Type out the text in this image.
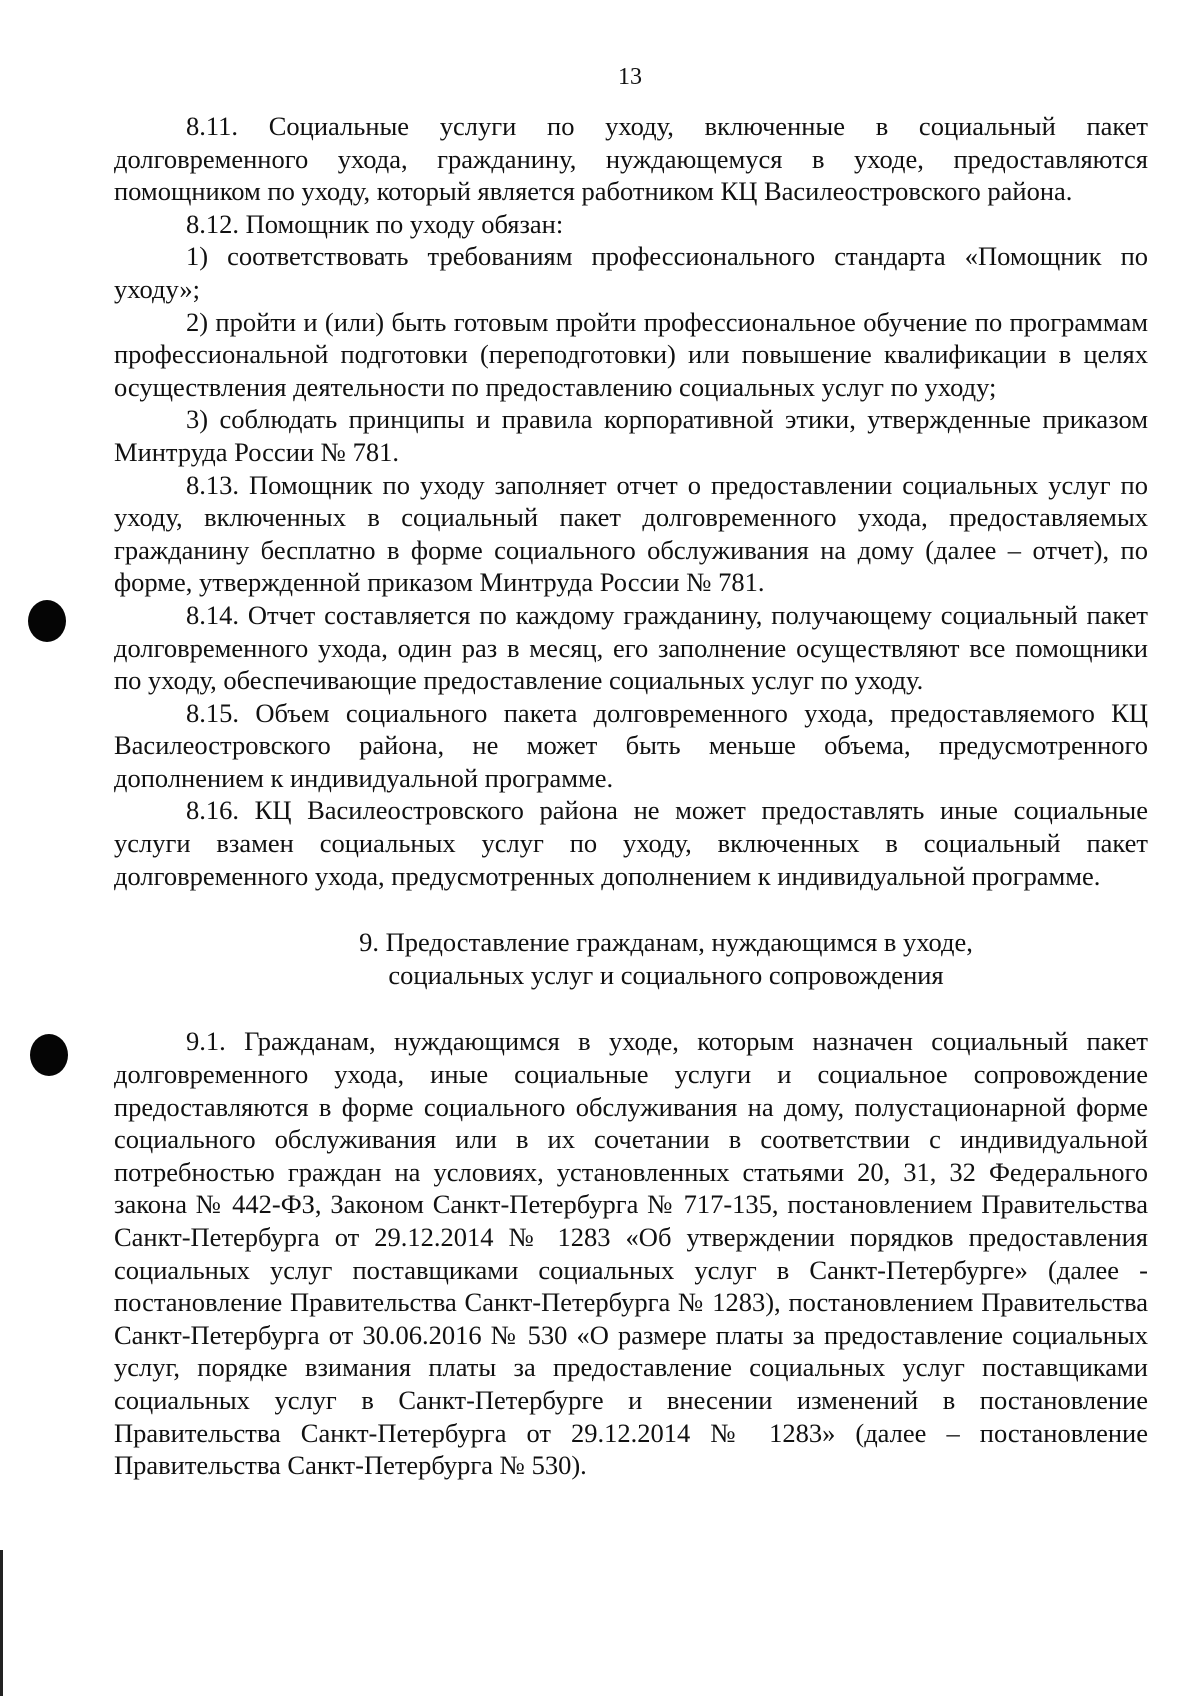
13

8.11. Социальные услуги по уходу, включенные в социальный пакет долговременного ухода, гражданину, нуждающемуся в уходе, предоставляются помощником по уходу, который является работником КЦ Василеостровского района.

8.12. Помощник по уходу обязан:

1) соответствовать требованиям профессионального стандарта «Помощник по уходу»;

2) пройти и (или) быть готовым пройти профессиональное обучение по программам профессиональной подготовки (переподготовки) или повышение квалификации в целях осуществления деятельности по предоставлению социальных услуг по уходу;

3) соблюдать принципы и правила корпоративной этики, утвержденные приказом Минтруда России № 781.

8.13. Помощник по уходу заполняет отчет о предоставлении социальных услуг по уходу, включенных в социальный пакет долговременного ухода, предоставляемых гражданину бесплатно в форме социального обслуживания на дому (далее – отчет), по форме, утвержденной приказом Минтруда России № 781.

8.14. Отчет составляется по каждому гражданину, получающему социальный пакет долговременного ухода, один раз в месяц, его заполнение осуществляют все помощники по уходу, обеспечивающие предоставление социальных услуг по уходу.

8.15. Объем социального пакета долговременного ухода, предоставляемого КЦ Василеостровского района, не может быть меньше объема, предусмотренного дополнением к индивидуальной программе.

8.16. КЦ Василеостровского района не может предоставлять иные социальные услуги взамен социальных услуг по уходу, включенных в социальный пакет долговременного ухода, предусмотренных дополнением к индивидуальной программе.

9. Предоставление гражданам, нуждающимся в уходе,
социальных услуг и социального сопровождения

9.1. Гражданам, нуждающимся в уходе, которым назначен социальный пакет долговременного ухода, иные социальные услуги и социальное сопровождение предоставляются в форме социального обслуживания на дому, полустационарной форме социального обслуживания или в их сочетании в соответствии с индивидуальной потребностью граждан на условиях, установленных статьями 20, 31, 32 Федерального закона № 442-ФЗ, Законом Санкт-Петербурга № 717-135, постановлением Правительства Санкт-Петербурга от 29.12.2014 № 1283 «Об утверждении порядков предоставления социальных услуг поставщиками социальных услуг в Санкт-Петербурге» (далее - постановление Правительства Санкт-Петербурга № 1283), постановлением Правительства Санкт-Петербурга от 30.06.2016 № 530 «О размере платы за предоставление социальных услуг, порядке взимания платы за предоставление социальных услуг поставщиками социальных услуг в Санкт-Петербурге и внесении изменений в постановление Правительства Санкт-Петербурга от 29.12.2014 № 1283» (далее – постановление Правительства Санкт-Петербурга № 530).
